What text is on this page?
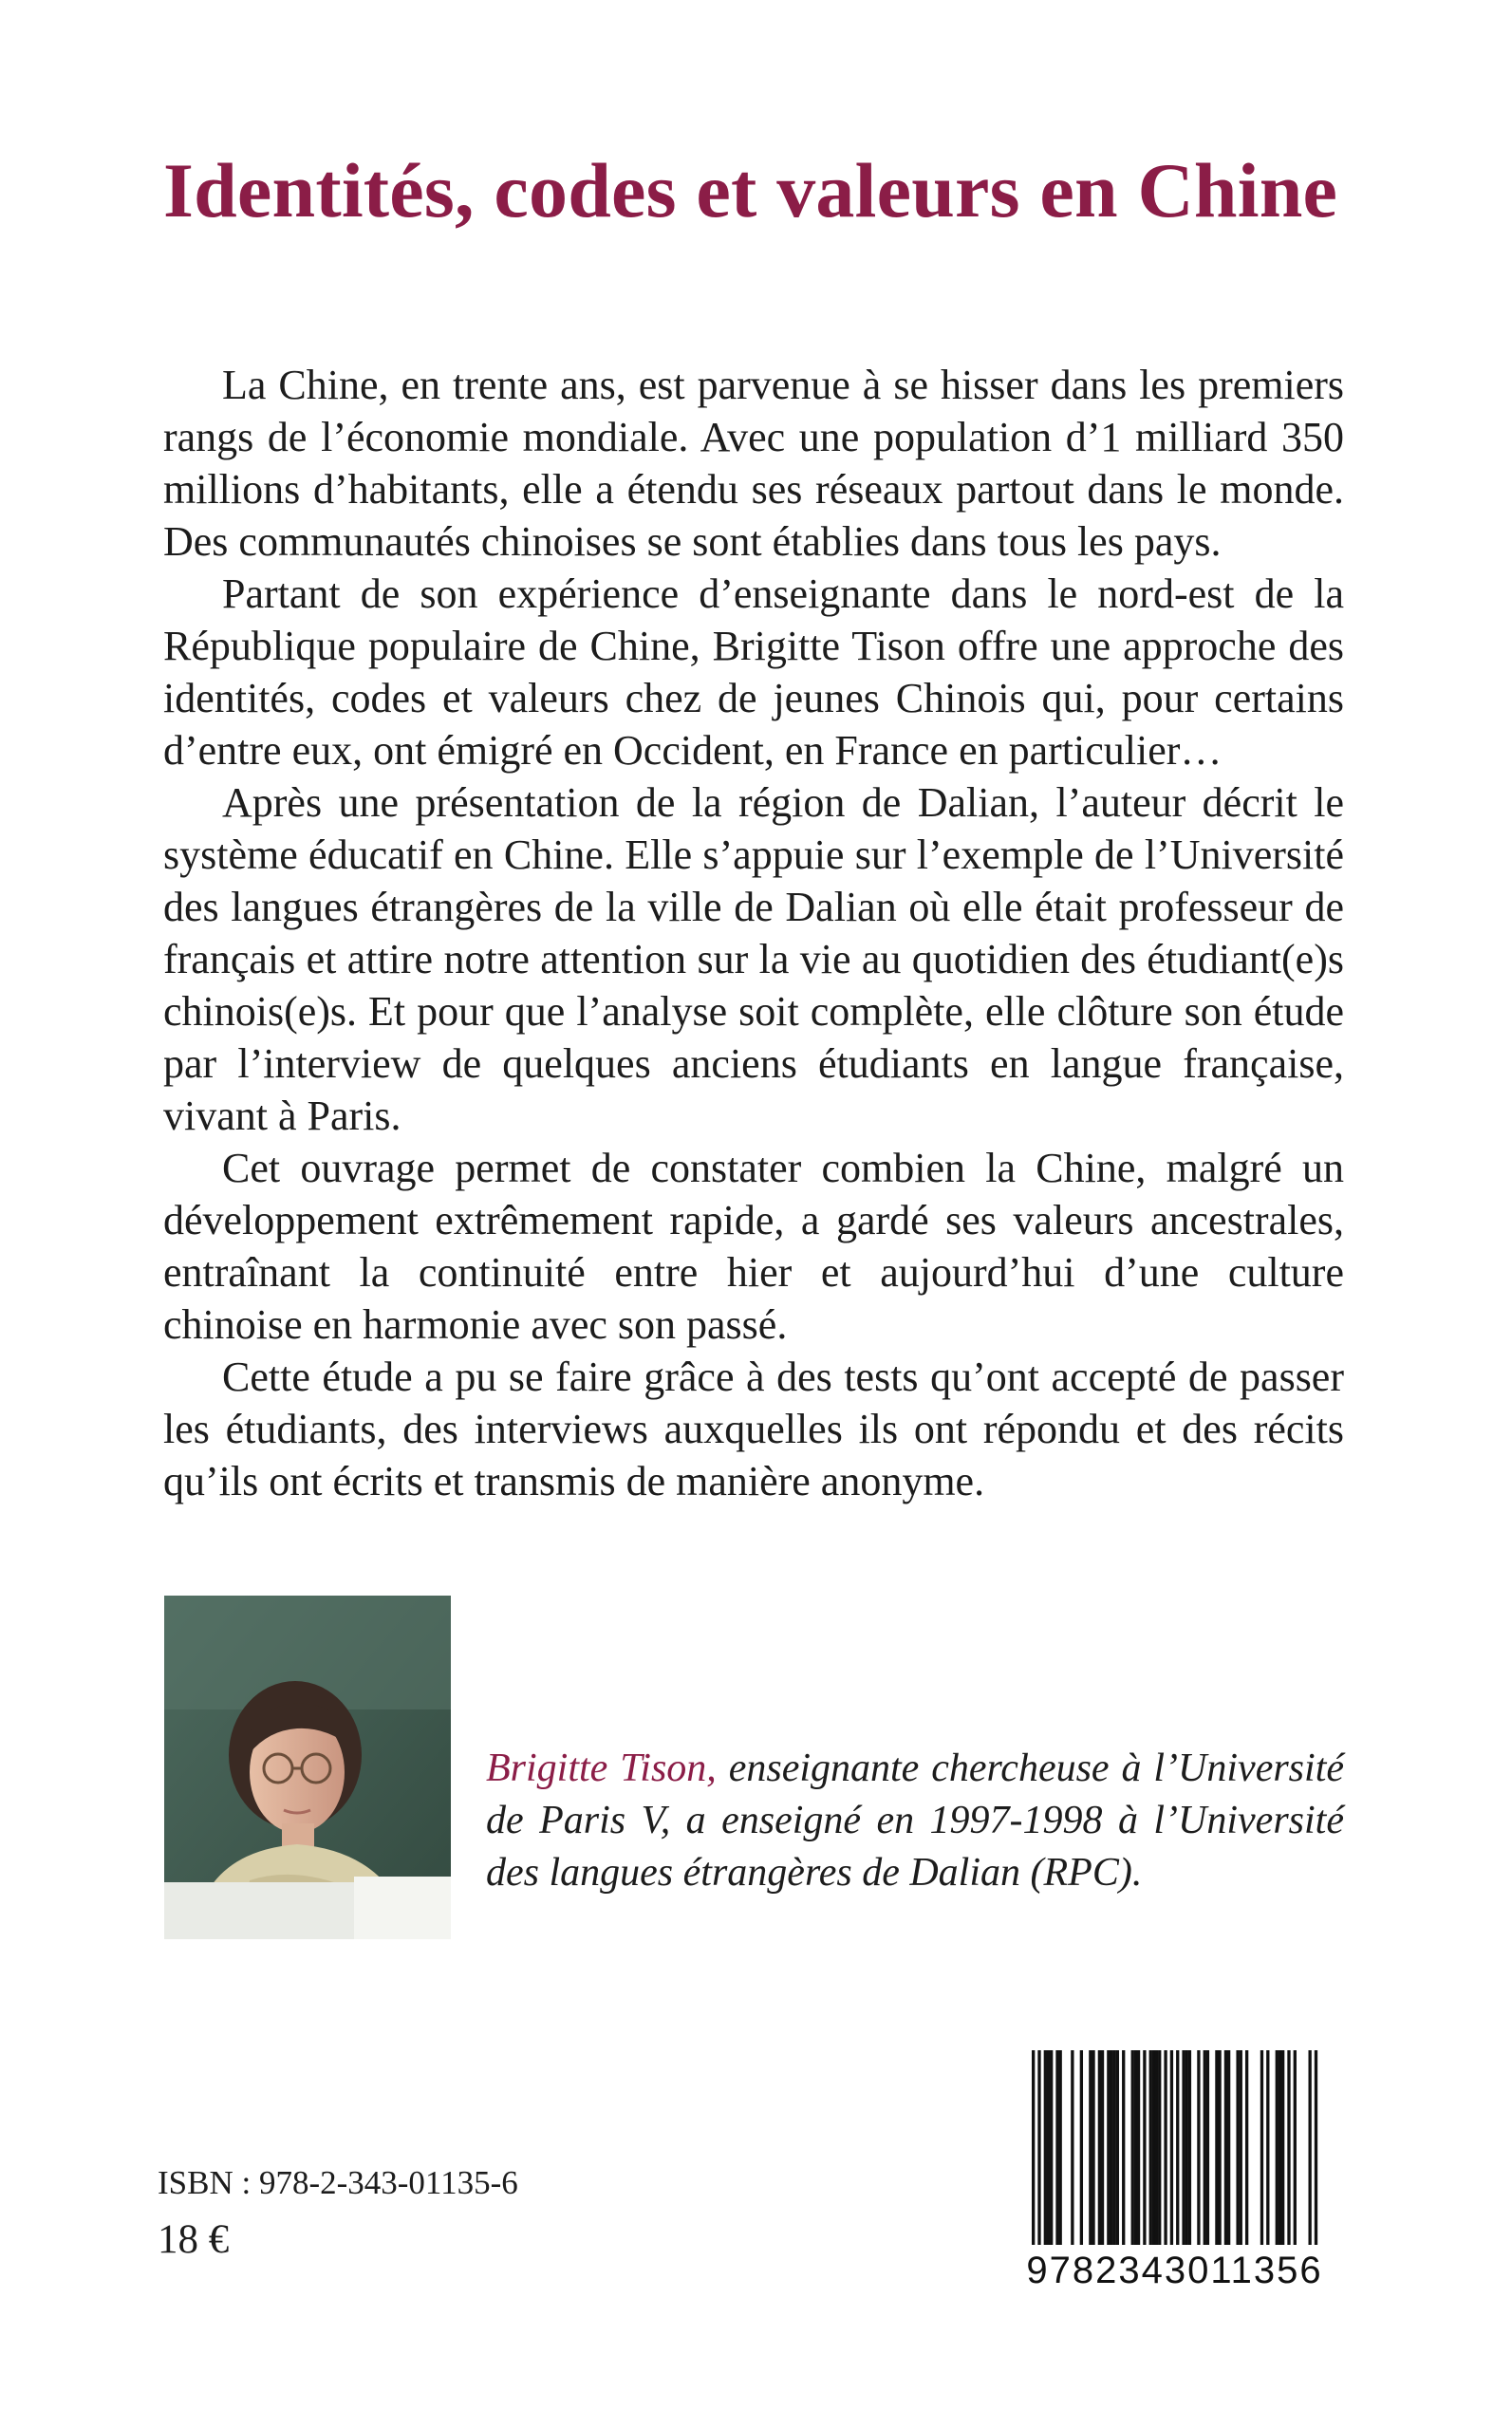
Identités, codes et valeurs en Chine

La Chine, en trente ans, est parvenue à se hisser dans les premiers rangs de l’économie mondiale. Avec une population d’1 milliard 350 millions d’habitants, elle a étendu ses réseaux partout dans le monde. Des communautés chinoises se sont établies dans tous les pays.

Partant de son expérience d’enseignante dans le nord-est de la République populaire de Chine, Brigitte Tison offre une approche des identités, codes et valeurs chez de jeunes Chinois qui, pour certains d’entre eux, ont émigré en Occident, en France en particulier…

Après une présentation de la région de Dalian, l’auteur décrit le système éducatif en Chine. Elle s’appuie sur l’exemple de l’Université des langues étrangères de la ville de Dalian où elle était professeur de français et attire notre attention sur la vie au quotidien des étudiant(e)s chinois(e)s. Et pour que l’analyse soit complète, elle clôture son étude par l’interview de quelques anciens étudiants en langue française, vivant à Paris.

Cet ouvrage permet de constater combien la Chine, malgré un développement extrêmement rapide, a gardé ses valeurs ancestrales, entraînant la continuité entre hier et aujourd’hui d’une culture chinoise en harmonie avec son passé.

Cette étude a pu se faire grâce à des tests qu’ont accepté de passer les étudiants, des interviews auxquelles ils ont répondu et des récits qu’ils ont écrits et transmis de manière anonyme.

Brigitte Tison, enseignante chercheuse à l’Université de Paris V, a enseigné en 1997-1998 à l’Université des langues étrangères de Dalian (RPC).

ISBN : 978-2-343-01135-6
18 €
9782343011356
